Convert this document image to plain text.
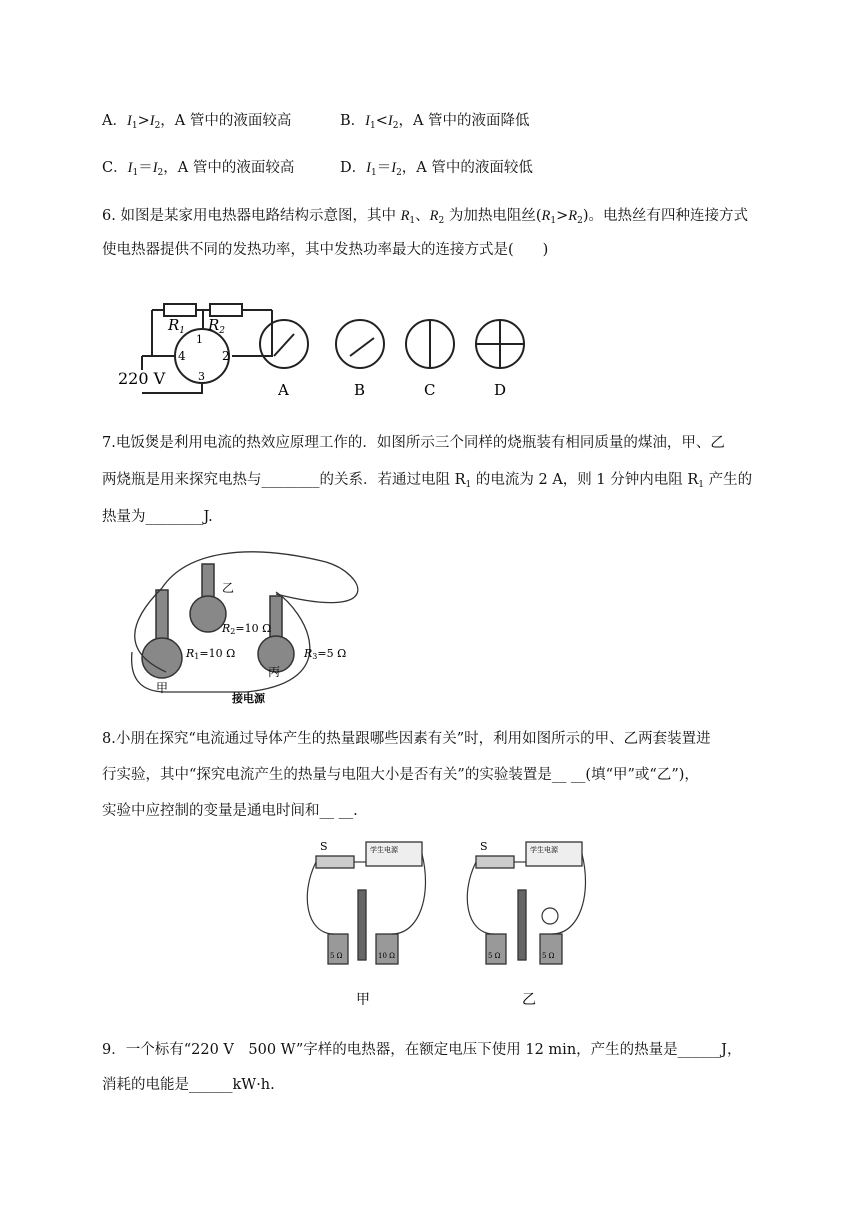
A．$I_1>I_2$，A 管中的液面较高	B．$I_1<I_2$，A 管中的液面降低
C．$I_1=I_2$，A 管中的液面较高	D．$I_1=I_2$，A 管中的液面较低
6. 如图是某家用电热器电路结构示意图，其中 $R_1$、$R_2$ 为加热电阻丝$(R_1>R_2)$。电热丝有四种连接方式
使电热器提供不同的发热功率，其中发热功率最大的连接方式是(　　)
$R_1$ $R_2$
1
2
3
4
220 V
A	B	C	D
7.电饭煲是利用电流的热效应原理工作的．如图所示三个同样的烧瓶装有相同质量的煤油，甲、乙
两烧瓶是用来探究电热与________的关系．若通过电阻 $R_1$ 的电流为 2 A，则 1 分钟内电阻 $R_1$ 产生的
热量为________J.
乙
R2=10 Ω
R1=10 Ω	R3=5 Ω
甲
丙
接电源
8.小朋在探究“电流通过导体产生的热量跟哪些因素有关”时，利用如图所示的甲、乙两套装置进
行实验，其中“探究电流产生的热量与电阻大小是否有关”的实验装置是__ __(填“甲”或“乙”)，
实验中应控制的变量是通电时间和__ __.
S	学生电源
5 Ω	10 Ω
甲
S	学生电源
5 Ω	5 Ω
乙
9．一个标有“220 V　500 W”字样的电热器，在额定电压下使用 12 min，产生的热量是______J，
消耗的电能是______kW·h.
